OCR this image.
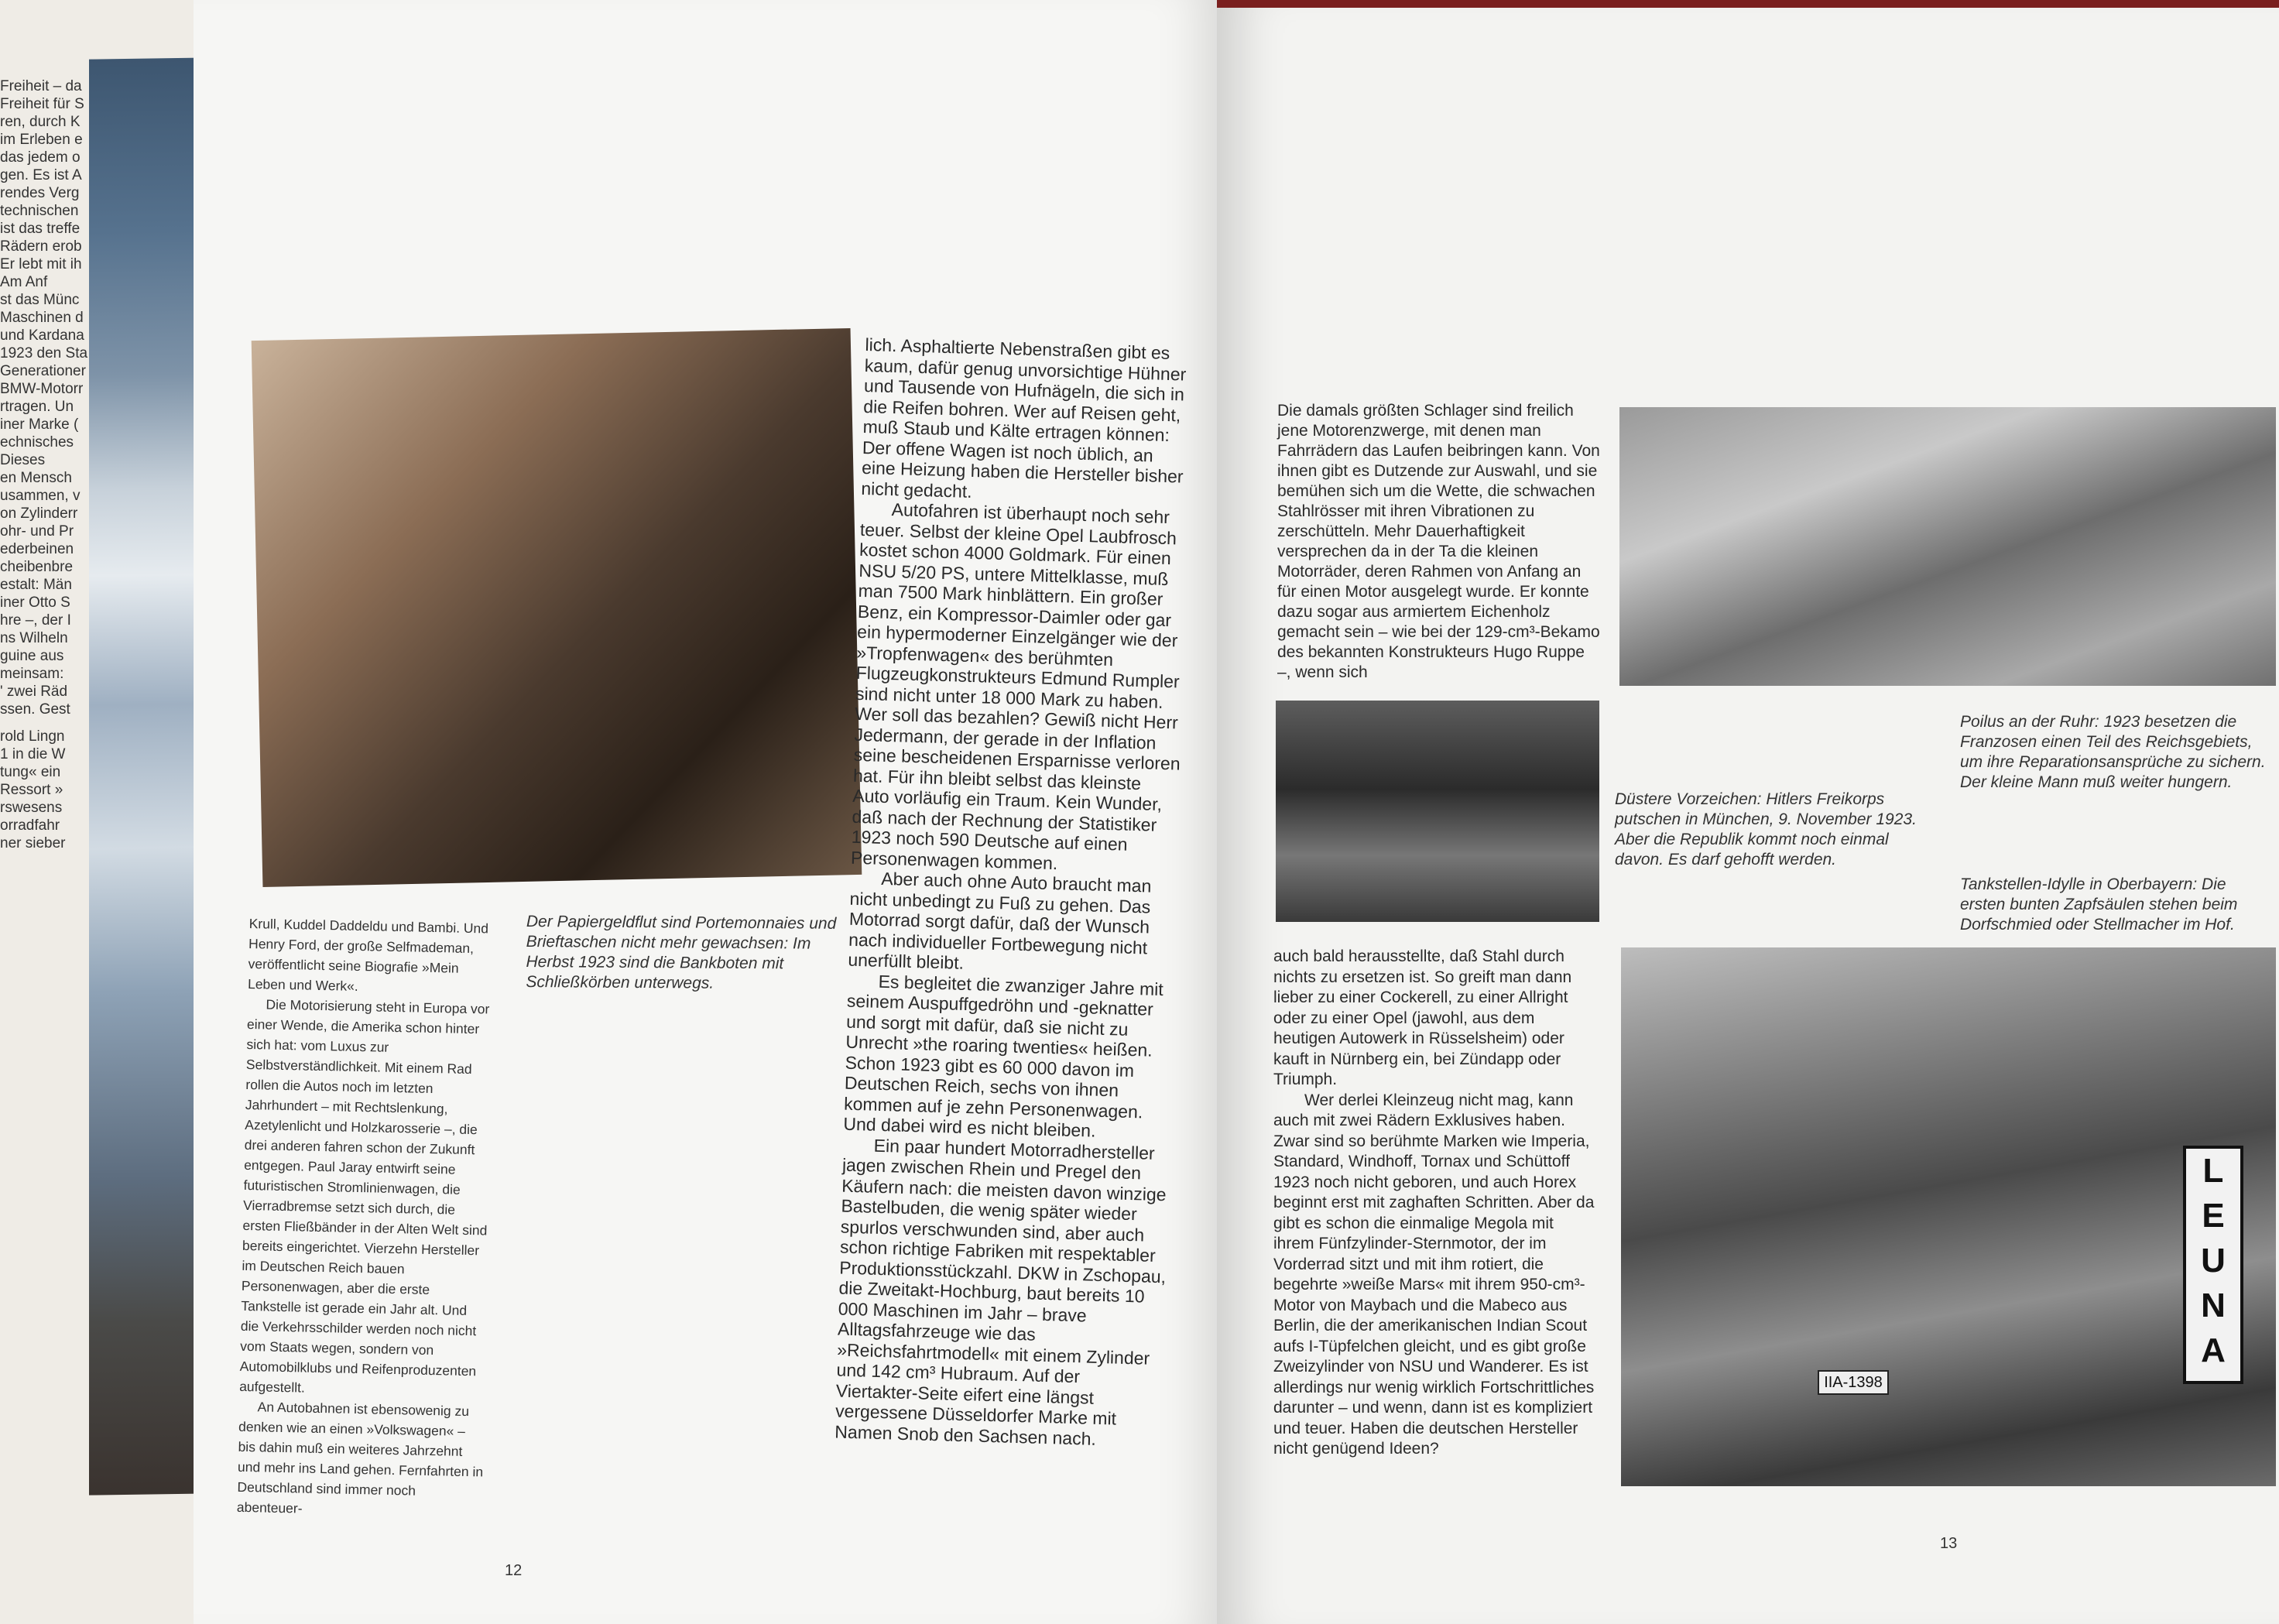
Freiheit – da
Freiheit für S
ren, durch K
im Erleben e
das jedem o
gen. Es ist A
rendes Verg
technischen
ist das treffe
Rädern erob
Er lebt mit ih
Am Anf
st das Münc
Maschinen d
und Kardana
1923 den Sta
Generationer
BMW-Motorr
rtragen. Un
iner Marke (
echnisches
Dieses
en Mensch
usammen, v
on Zylinderr
ohr- und Pr
ederbeinen
cheibenbre
estalt: Män
iner Otto S
hre –, der I
ns Wilheln
guine aus
meinsam:
' zwei Räd
ssen. Gest
rold Lingn
1 in die W
tung« ein
Ressort »
rswesens
orradfahr
ner sieber

Krull, Kuddel Daddeldu und Bambi. Und Henry Ford, der große Selfmademan, veröffentlicht seine Biografie »Mein Leben und Werk«.

Die Motorisierung steht in Europa vor einer Wende, die Amerika schon hinter sich hat: vom Luxus zur Selbstverständlichkeit. Mit einem Rad rollen die Autos noch im letzten Jahrhundert – mit Rechtslenkung, Azetylenlicht und Holzkarosserie –, die drei anderen fahren schon der Zukunft entgegen. Paul Jaray entwirft seine futuristischen Stromlinienwagen, die Vierradbremse setzt sich durch, die ersten Fließbänder in der Alten Welt sind bereits eingerichtet. Vierzehn Hersteller im Deutschen Reich bauen Personenwagen, aber die erste Tankstelle ist gerade ein Jahr alt. Und die Verkehrsschilder werden noch nicht vom Staats wegen, sondern von Automobilklubs und Reifenproduzenten aufgestellt.

An Autobahnen ist ebensowenig zu denken wie an einen »Volkswagen« – bis dahin muß ein weiteres Jahrzehnt und mehr ins Land gehen. Fernfahrten in Deutschland sind immer noch abenteuer-

Der Papiergeldflut sind Portemonnaies und Brieftaschen nicht mehr gewachsen: Im Herbst 1923 sind die Bankboten mit Schließkörben unterwegs.

lich. Asphaltierte Nebenstraßen gibt es kaum, dafür genug unvorsichtige Hühner und Tausende von Hufnägeln, die sich in die Reifen bohren. Wer auf Reisen geht, muß Staub und Kälte ertragen können: Der offene Wagen ist noch üblich, an eine Heizung haben die Hersteller bisher nicht gedacht.

Autofahren ist überhaupt noch sehr teuer. Selbst der kleine Opel Laubfrosch kostet schon 4000 Goldmark. Für einen NSU 5/20 PS, untere Mittelklasse, muß man 7500 Mark hinblättern. Ein großer Benz, ein Kompressor-Daimler oder gar ein hypermoderner Einzelgänger wie der »Tropfenwagen« des berühmten Flugzeugkonstrukteurs Edmund Rumpler sind nicht unter 18 000 Mark zu haben. Wer soll das bezahlen? Gewiß nicht Herr Jedermann, der gerade in der Inflation seine bescheidenen Ersparnisse verloren hat. Für ihn bleibt selbst das kleinste Auto vorläufig ein Traum. Kein Wunder, daß nach der Rechnung der Statistiker 1923 noch 590 Deutsche auf einen Personenwagen kommen.

Aber auch ohne Auto braucht man nicht unbedingt zu Fuß zu gehen. Das Motorrad sorgt dafür, daß der Wunsch nach individueller Fortbewegung nicht unerfüllt bleibt.

Es begleitet die zwanziger Jahre mit seinem Auspuffgedröhn und -geknatter und sorgt mit dafür, daß sie nicht zu Unrecht »the roaring twenties« heißen. Schon 1923 gibt es 60 000 davon im Deutschen Reich, sechs von ihnen kommen auf je zehn Personenwagen. Und dabei wird es nicht bleiben.

Ein paar hundert Motorradhersteller jagen zwischen Rhein und Pregel den Käufern nach: die meisten davon winzige Bastelbuden, die wenig später wieder spurlos verschwunden sind, aber auch schon richtige Fabriken mit respektabler Produktionsstückzahl. DKW in Zschopau, die Zweitakt-Hochburg, baut bereits 10 000 Maschinen im Jahr – brave Alltagsfahrzeuge wie das »Reichsfahrtmodell« mit einem Zylinder und 142 cm³ Hubraum. Auf der Viertakter-Seite eifert eine längst vergessene Düsseldorfer Marke mit Namen Snob den Sachsen nach.

12

Die damals größten Schlager sind freilich jene Motorenzwerge, mit denen man Fahrrädern das Laufen beibringen kann. Von ihnen gibt es Dutzende zur Auswahl, und sie bemühen sich um die Wette, die schwachen Stahlrösser mit ihren Vibrationen zu zerschütteln. Mehr Dauerhaftigkeit versprechen da in der Ta die kleinen Motorräder, deren Rahmen von Anfang an für einen Motor ausgelegt wurde. Er konnte dazu sogar aus armiertem Eichenholz gemacht sein – wie bei der 129-cm³-Bekamo des bekannten Konstrukteurs Hugo Ruppe –, wenn sich

Düstere Vorzeichen: Hitlers Freikorps putschen in München, 9. November 1923. Aber die Republik kommt noch einmal davon. Es darf gehofft werden.
Poilus an der Ruhr: 1923 besetzen die Franzosen einen Teil des Reichsgebiets, um ihre Reparationsansprüche zu sichern. Der kleine Mann muß weiter hungern.
Tankstellen-Idylle in Oberbayern: Die ersten bunten Zapfsäulen stehen beim Dorfschmied oder Stellmacher im Hof.

auch bald herausstellte, daß Stahl durch nichts zu ersetzen ist. So greift man dann lieber zu einer Cockerell, zu einer Allright oder zu einer Opel (jawohl, aus dem heutigen Autowerk in Rüsselsheim) oder kauft in Nürnberg ein, bei Zündapp oder Triumph.

Wer derlei Kleinzeug nicht mag, kann auch mit zwei Rädern Exklusives haben. Zwar sind so berühmte Marken wie Imperia, Standard, Windhoff, Tornax und Schüttoff 1923 noch nicht geboren, und auch Horex beginnt erst mit zaghaften Schritten. Aber da gibt es schon die einmalige Megola mit ihrem Fünfzylinder-Sternmotor, der im Vorderrad sitzt und mit ihm rotiert, die begehrte »weiße Mars« mit ihrem 950-cm³-Motor von Maybach und die Mabeco aus Berlin, die der amerikanischen Indian Scout aufs I-Tüpfelchen gleicht, und es gibt große Zweizylinder von NSU und Wanderer. Es ist allerdings nur wenig wirklich Fortschrittliches darunter – und wenn, dann ist es kompliziert und teuer. Haben die deutschen Hersteller nicht genügend Ideen?

L
E
U
N
A
IIA-1398
13
